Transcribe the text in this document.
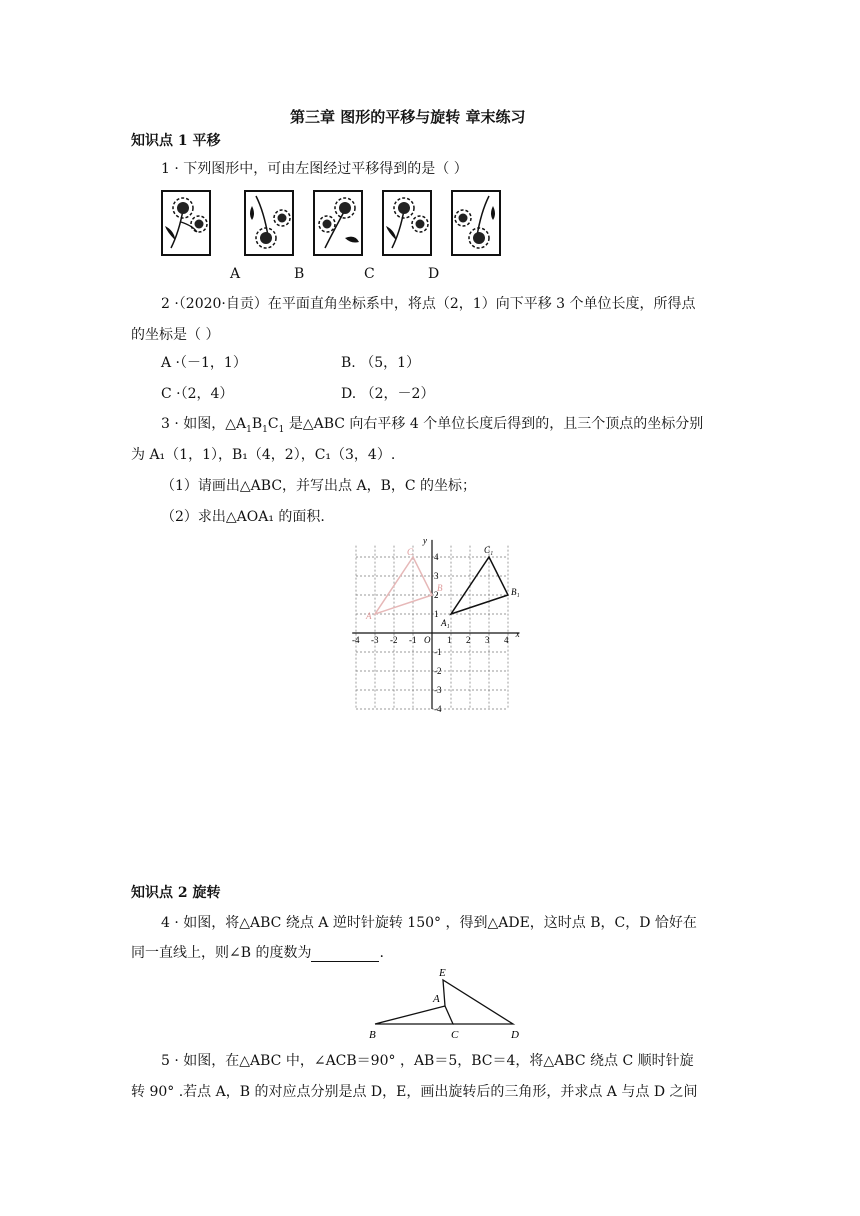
第三章 图形的平移与旋转 章末练习
知识点 1 平移
1 · 下列图形中，可由左图经过平移得到的是（ ）
A	B	C	D
2 ·（2020·自贡）在平面直角坐标系中，将点（2，1）向下平移 3 个单位长度，所得点
的坐标是（ ）
A ·（－1，1）	B. （5，1）
C ·（2，4）	D. （2，－2）
3 · 如图，$\triangle A_1B_1C_1$ 是△ABC 向右平移 4 个单位长度后得到的，且三个顶点的坐标分别
为 A₁（1，1），B₁（4，2），C₁（3，4）.
（1）请画出△ABC，并写出点 A，B，C 的坐标；
（2）求出△AOA₁ 的面积.
-4 -3 -2 -1	1 2 3 4
4
3
2
1
-1
-2
-3
-4
x
y
O
A₁
B₁
C₁
A
B
C
知识点 2 旋转
4 · 如图，将△ABC 绕点 A 逆时针旋转 150° ，得到△ADE，这时点 B，C，D 恰好在
同一直线上，则∠B 的度数为	.
E
A
B	C	D
5 · 如图，在△ABC 中，∠ACB＝90° ，AB＝5，BC＝4，将△ABC 绕点 C 顺时针旋
转 90° .若点 A，B 的对应点分别是点 D，E，画出旋转后的三角形，并求点 A 与点 D 之间
